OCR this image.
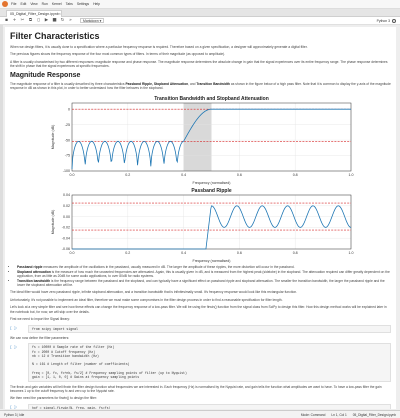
File Edit View Run Kernel Tabs Settings Help
05_Digital_Filter_Design.ipynb ×
▪ + ✂ ⧉ ▯ ▶ ■ ↻ »	Markdown ▾	Python 3
Filter Characteristics

When we design filters, it is usually done to a specification where a particular frequency response is required. Therefore based on a given specification, a designer will approximately generate a digital filter.

The previous figures shows the frequency response of the four most common types of filters. In terms of their magnitude (as opposed to amplitude).

A filter is usually characterised by two different responses: magnitude response and phase response. The magnitude response determines the absolute change in gain that the signal experiences over its entire frequency range. The phase response determines the shift in phase that the signal experiences at specific frequencies.

Magnitude Response

The magnitude response of a filter is usually described by three characteristics Passband Ripple, Stopband Attenuation, and Transition Bandwidth as shown in the figure below of a high pass filter. Note that it is common to display the y-axis of the magnitude response in dB as shown in this plot, in order to better understand how the filter behaves in the stopband.

Transition Bandwidth and Stopband Attenuation
0.0	0.2	0.4	0.6	0.8	1.0
0
-25
-50
-75
-100
Frequency (normalised)
Magnitude (dB)
Passband Ripple
0.0	0.2	0.4	0.6	0.8	1.0
0.04
0.02
0.00
-0.02
-0.04
-0.06
Frequency (normalised)
Magnitude (dB)
• Passband ripple measures the amplitude of the oscillations in the passband, usually measured in dB. The larger the amplitude of these ripples, the more distortion will occur in the passband.
• Stopband attenuation is the measure of how much the unwanted frequencies are attenuated. Again, this is usually given in dB, and is measured from the highest peak (sidelobe) in the stopband. The attenuation required can differ greatly dependent on the application, from as little as 20dB for some audio applications, to over 80dB for radio systems.
• Transition bandwidth is the frequency range between the passband and the stopband, and can typically have a significant effect on passband ripple and stopband attenuation. The smaller the transition bandwidth, the larger the passband ripple and the lower the stopband attenuation will be.

The ideal filter would have zero passband ripple, infinite stopband attenuation, and a transition bandwidth that is infinitesimally small. It's frequency response would look like this rectangular function.

Unfortunately, it's not possible to implement an ideal filter, therefore we must make some compromises in the filter design process in order to find a reasonable specification for filter length.

Let's look at a very simple filter and see how these effects can change the frequency response of a low-pass filter. We will be using the firwin() function from the signal class from SciPy to design this filter. How this design method works will be explained later in the notebook but, for now, we will skip over the details.

First we need to import the Signal library:

[ ]:	from scipy import signal

We can now define the filter parameters:

[ ]:	fs = 10000 # Sample rate of the filter (Hz)
fc = 2000 # Cutoff frequency (Hz)
nb = 12 # Transition bandwidth (Hz)

N = 161 # Length of filter (number of coefficients)

freq = [0, fc, fc+nb, fs/2] # Frequency sampling points of filter (up to Nyquist)
gain = [1, 1, 0, 0] # Gains at frequency sampling points

The firwin and gain variables will tell firwin the filter design function what frequencies we are interested in. Each frequency (Hz) is normalised by the Nyquist rate, and gain tells the function what amplitudes we want to have. To have a low-pass filter the gain becomes 1 up to the cutoff frequency fc and zero up to the Nyquist rate.

We then need the parameters for firwin() to design the filter:

[ ]:	hof = signal.firwin(N, freq, gain, fs=fs)

Python 3 | Idle	Mode: Command Ln 1, Col 1 05_Digital_Filter_Design.ipynb
